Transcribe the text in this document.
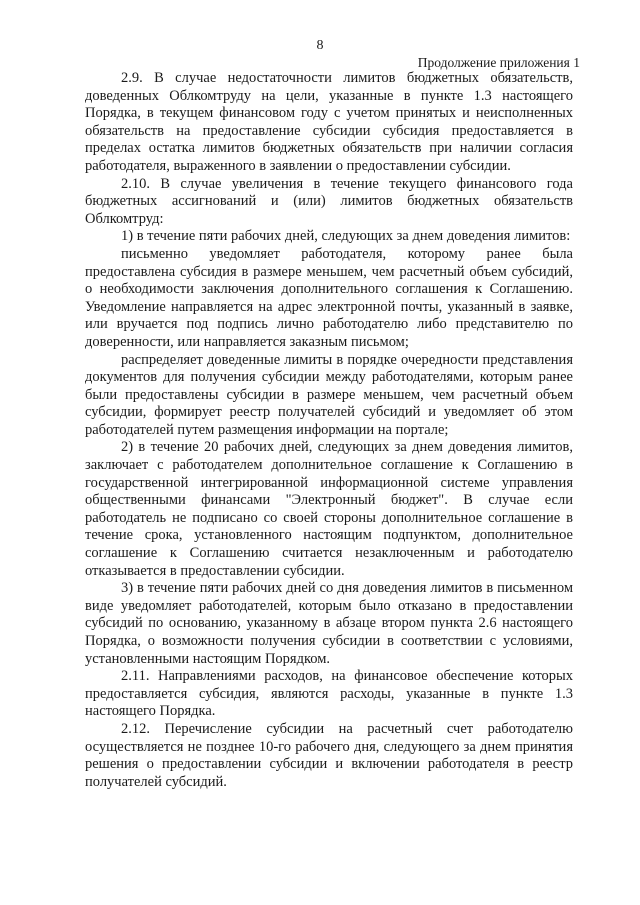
8
Продолжение приложения 1

2.9. В случае недостаточности лимитов бюджетных обязательств, доведенных Облкомтруду на цели, указанные в пункте 1.3 настоящего Порядка, в текущем финансовом году с учетом принятых и неисполненных обязательств на предоставление субсидии субсидия предоставляется в пределах остатка лимитов бюджетных обязательств при наличии согласия работодателя, выраженного в заявлении о предоставлении субсидии.

2.10. В случае увеличения в течение текущего финансового года бюджетных ассигнований и (или) лимитов бюджетных обязательств Облкомтруд:

1) в течение пяти рабочих дней, следующих за днем доведения лимитов:

письменно уведомляет работодателя, которому ранее была предоставлена субсидия в размере меньшем, чем расчетный объем субсидий, о необходимости заключения дополнительного соглашения к Соглашению. Уведомление направляется на адрес электронной почты, указанный в заявке, или вручается под подпись лично работодателю либо представителю по доверенности, или направляется заказным письмом;

распределяет доведенные лимиты в порядке очередности представления документов для получения субсидии между работодателями, которым ранее были предоставлены субсидии в размере меньшем, чем расчетный объем субсидии, формирует реестр получателей субсидий и уведомляет об этом работодателей путем размещения информации на портале;

2) в течение 20 рабочих дней, следующих за днем доведения лимитов, заключает с работодателем дополнительное соглашение к Соглашению в государственной интегрированной информационной системе управления общественными финансами "Электронный бюджет". В случае если работодатель не подписано со своей стороны дополнительное соглашение в течение срока, установленного настоящим подпунктом, дополнительное соглашение к Соглашению считается незаключенным и работодателю отказывается в предоставлении субсидии.

3) в течение пяти рабочих дней со дня доведения лимитов в письменном виде уведомляет работодателей, которым было отказано в предоставлении субсидий по основанию, указанному в абзаце втором пункта 2.6 настоящего Порядка, о возможности получения субсидии в соответствии с условиями, установленными настоящим Порядком.

2.11. Направлениями расходов, на финансовое обеспечение которых предоставляется субсидия, являются расходы, указанные в пункте 1.3 настоящего Порядка.

2.12. Перечисление субсидии на расчетный счет работодателю осуществляется не позднее 10-го рабочего дня, следующего за днем принятия решения о предоставлении субсидии и включении работодателя в реестр получателей субсидий.
